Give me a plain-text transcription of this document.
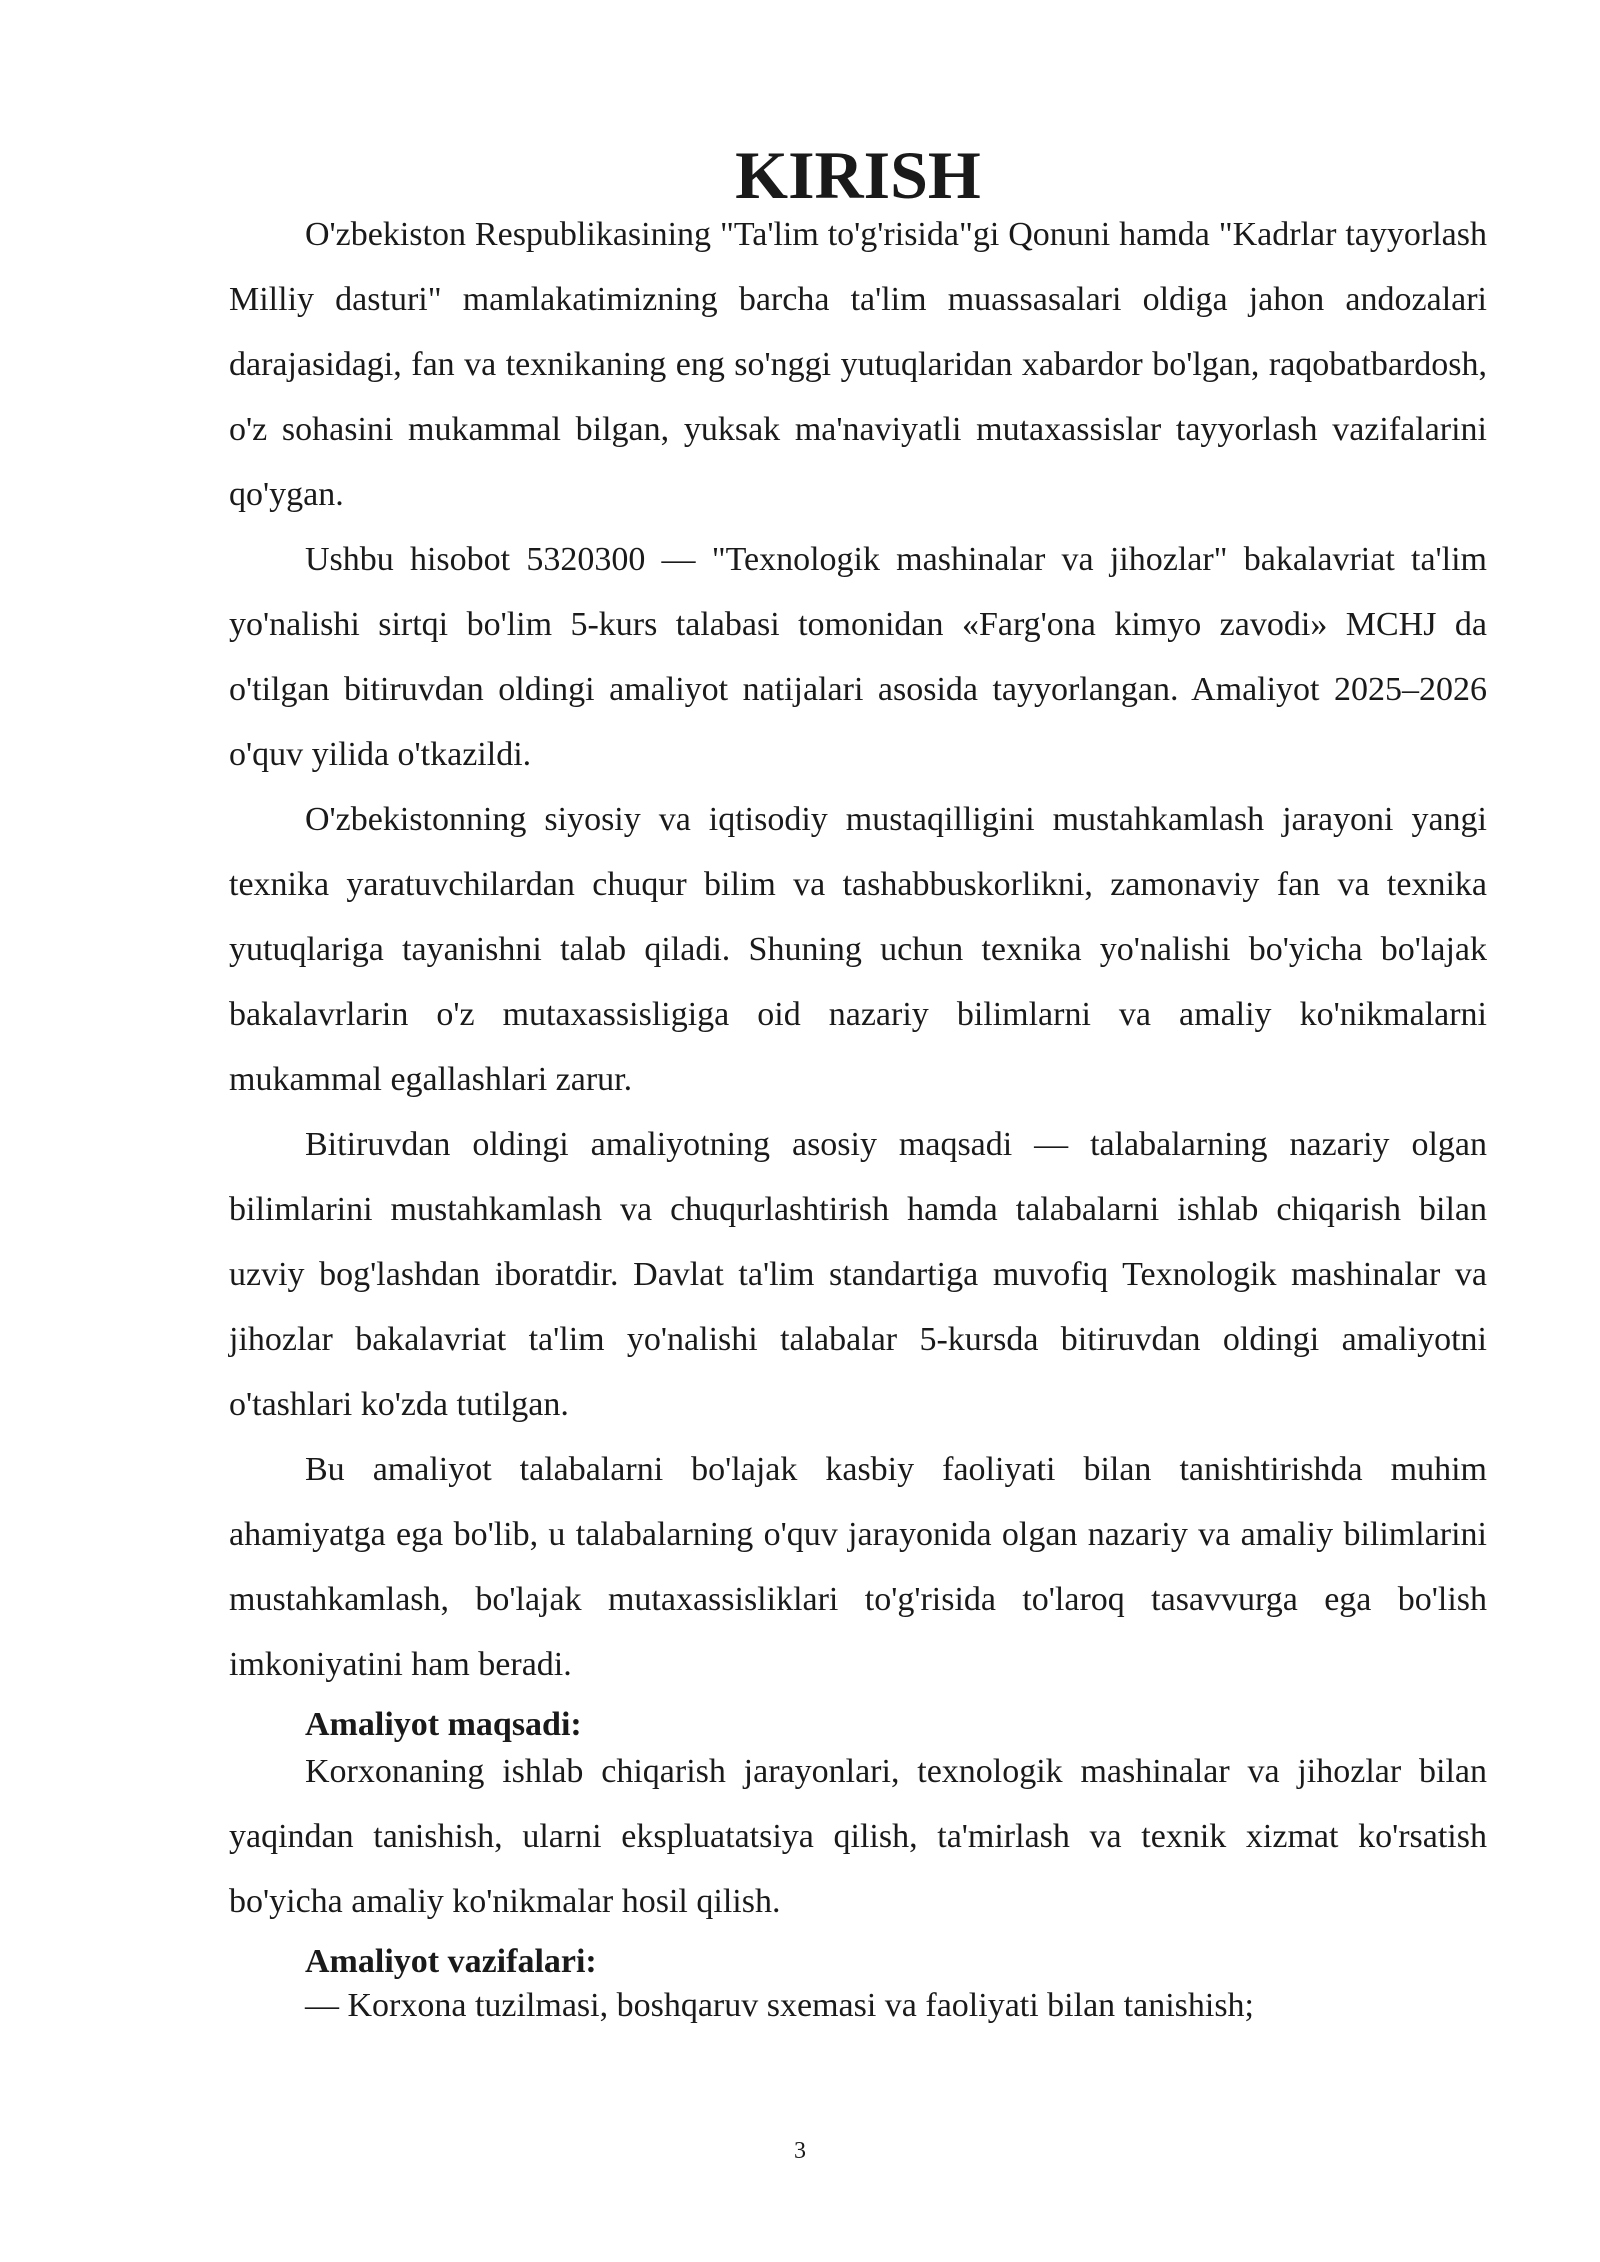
KIRISH

O'zbekiston Respublikasining "Ta'lim to'g'risida"gi Qonuni hamda "Kadrlar tayyorlash Milliy dasturi" mamlakatimizning barcha ta'lim muassasalari oldiga jahon andozalari darajasidagi, fan va texnikaning eng so'nggi yutuqlaridan xabardor bo'lgan, raqobatbardosh, o'z sohasini mukammal bilgan, yuksak ma'naviyatli mutaxassislar tayyorlash vazifalarini qo'ygan.

Ushbu hisobot 5320300 — "Texnologik mashinalar va jihozlar" bakalavriat ta'lim yo'nalishi sirtqi bo'lim 5-kurs talabasi tomonidan «Farg'ona kimyo zavodi» MCHJ da o'tilgan bitiruvdan oldingi amaliyot natijalari asosida tayyorlangan. Amaliyot 2025–2026 o'quv yilida o'tkazildi.

O'zbekistonning siyosiy va iqtisodiy mustaqilligini mustahkamlash jarayoni yangi texnika yaratuvchilardan chuqur bilim va tashabbuskorlikni, zamonaviy fan va texnika yutuqlariga tayanishni talab qiladi. Shuning uchun texnika yo'nalishi bo'yicha bo'lajak bakalavrlarin o'z mutaxassisligiga oid nazariy bilimlarni va amaliy ko'nikmalarni mukammal egallashlari zarur.

Bitiruvdan oldingi amaliyotning asosiy maqsadi — talabalarning nazariy olgan bilimlarini mustahkamlash va chuqurlashtirish hamda talabalarni ishlab chiqarish bilan uzviy bog'lashdan iboratdir. Davlat ta'lim standartiga muvofiq Texnologik mashinalar va jihozlar bakalavriat ta'lim yo'nalishi talabalar 5-kursda bitiruvdan oldingi amaliyotni o'tashlari ko'zda tutilgan.

Bu amaliyot talabalarni bo'lajak kasbiy faoliyati bilan tanishtirishda muhim ahamiyatga ega bo'lib, u talabalarning o'quv jarayonida olgan nazariy va amaliy bilimlarini mustahkamlash, bo'lajak mutaxassisliklari to'g'risida to'laroq tasavvurga ega bo'lish imkoniyatini ham beradi.

Amaliyot maqsadi:

Korxonaning ishlab chiqarish jarayonlari, texnologik mashinalar va jihozlar bilan yaqindan tanishish, ularni ekspluatatsiya qilish, ta'mirlash va texnik xizmat ko'rsatish bo'yicha amaliy ko'nikmalar hosil qilish.

Amaliyot vazifalari:

— Korxona tuzilmasi, boshqaruv sxemasi va faoliyati bilan tanishish;

3
